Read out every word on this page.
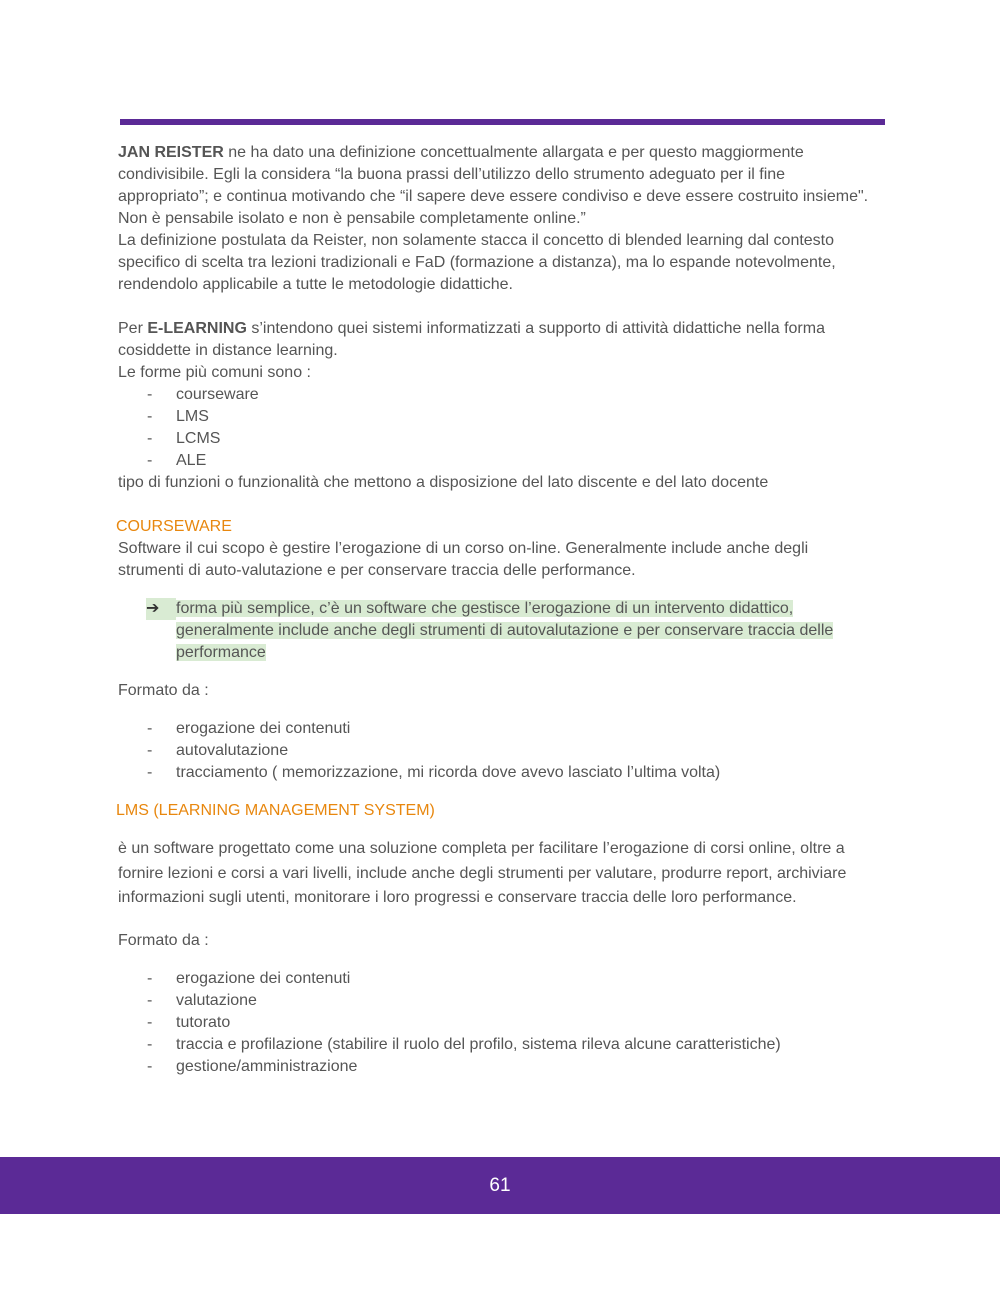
JAN REISTER ne ha dato una definizione concettualmente allargata e per questo maggiormente condivisibile. Egli la considera “la buona prassi dell’utilizzo dello strumento adeguato per il fine appropriato”; e continua motivando che “il sapere deve essere condiviso e deve essere costruito insieme". Non è pensabile isolato e non è pensabile completamente online.”

La definizione postulata da Reister, non solamente stacca il concetto di blended learning dal contesto specifico di scelta tra lezioni tradizionali e FaD (formazione a distanza), ma lo espande notevolmente, rendendolo applicabile a tutte le metodologie didattiche.

Per E-LEARNING s’intendono quei sistemi informatizzati a supporto di attività didattiche nella forma cosiddette in distance learning.

Le forme più comuni sono :

- courseware
- LMS
- LCMS
- ALE

tipo di funzioni o funzionalità che mettono a disposizione del lato discente e del lato docente

COURSEWARE

Software il cui scopo è gestire l’erogazione di un corso on-line. Generalmente include anche degli strumenti di auto-valutazione e per conservare traccia delle performance.

➔	forma più semplice, c’è un software che gestisce l’erogazione di un intervento didattico, generalmente include anche degli strumenti di autovalutazione e per conservare traccia delle performance

Formato da :

- erogazione dei contenuti
- autovalutazione
- tracciamento ( memorizzazione, mi ricorda dove avevo lasciato l’ultima volta)

LMS (LEARNING MANAGEMENT SYSTEM)

è un software progettato come una soluzione completa per facilitare l’erogazione di corsi online, oltre a fornire lezioni e corsi a vari livelli, include anche degli strumenti per valutare, produrre report, archiviare informazioni sugli utenti, monitorare i loro progressi e conservare traccia delle loro performance.

Formato da :

- erogazione dei contenuti
- valutazione
- tutorato
- traccia e profilazione (stabilire il ruolo del profilo, sistema rileva alcune caratteristiche)
- gestione/amministrazione
61
